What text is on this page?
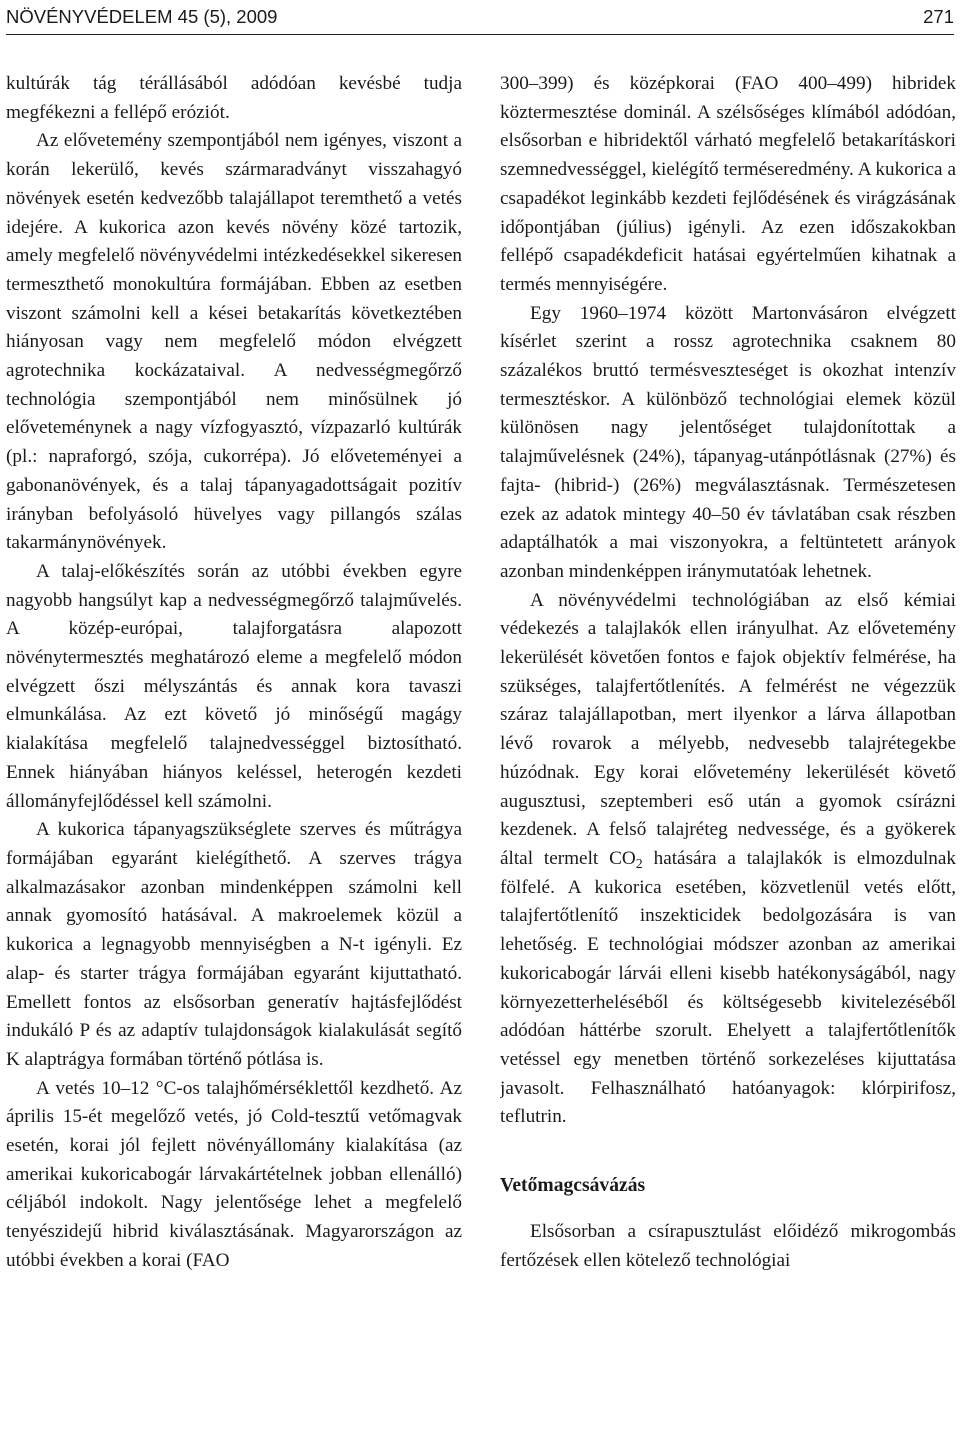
NÖVÉNYVÉDELEM 45 (5), 2009	271

kultúrák tág térállásából adódóan kevésbé tudja megfékezni a fellépő eróziót.

Az elővetemény szempontjából nem igényes, viszont a korán lekerülő, kevés szármaradványt visszahagyó növények esetén kedvezőbb talajállapot teremthető a vetés idejére. A kukorica azon kevés növény közé tartozik, amely megfelelő növényvédelmi intézkedésekkel sikeresen termeszthető monokultúra formájában. Ebben az esetben viszont számolni kell a kései betakarítás következtében hiányosan vagy nem megfelelő módon elvégzett agrotechnika kockázataival. A nedvességmegőrző technológia szempontjából nem minősülnek jó előveteménynek a nagy vízfogyasztó, vízpazarló kultúrák (pl.: napraforgó, szója, cukorrépa). Jó előveteményei a gabonanövények, és a talaj tápanyagadottságait pozitív irányban befolyásoló hüvelyes vagy pillangós szálas takarmánynövények.

A talaj-előkészítés során az utóbbi években egyre nagyobb hangsúlyt kap a nedvességmegőrző talajművelés. A közép-európai, talajforgatásra alapozott növénytermesztés meghatározó eleme a megfelelő módon elvégzett őszi mélyszántás és annak kora tavaszi elmunkálása. Az ezt követő jó minőségű magágy kialakítása megfelelő talajnedvességgel biztosítható. Ennek hiányában hiányos keléssel, heterogén kezdeti állományfejlődéssel kell számolni.

A kukorica tápanyagszükséglete szerves és műtrágya formájában egyaránt kielégíthető. A szerves trágya alkalmazásakor azonban mindenképpen számolni kell annak gyomosító hatásával. A makroelemek közül a kukorica a legnagyobb mennyiségben a N-t igényli. Ez alap- és starter trágya formájában egyaránt kijuttatható. Emellett fontos az elsősorban generatív hajtásfejlődést indukáló P és az adaptív tulajdonságok kialakulását segítő K alaptrágya formában történő pótlása is.

A vetés 10–12 °C-os talajhőmérséklettől kezdhető. Az április 15-ét megelőző vetés, jó Cold-tesztű vetőmagvak esetén, korai jól fejlett növényállomány kialakítása (az amerikai kukoricabogár lárvakártételnek jobban ellenálló) céljából indokolt. Nagy jelentősége lehet a megfelelő tenyészidejű hibrid kiválasztásának. Magyarországon az utóbbi években a korai (FAO

300–399) és középkorai (FAO 400–499) hibridek köztermesztése dominál. A szélsőséges klímából adódóan, elsősorban e hibridektől várható megfelelő betakarításkori szemnedvességgel, kielégítő terméseredmény. A kukorica a csapadékot leginkább kezdeti fejlődésének és virágzásának időpontjában (július) igényli. Az ezen időszakokban fellépő csapadékdeficit hatásai egyértelműen kihatnak a termés mennyiségére.

Egy 1960–1974 között Martonvásáron elvégzett kísérlet szerint a rossz agrotechnika csaknem 80 százalékos bruttó termésveszteséget is okozhat intenzív termesztéskor. A különböző technológiai elemek közül különösen nagy jelentőséget tulajdonítottak a talajművelésnek (24%), tápanyag-utánpótlásnak (27%) és fajta- (hibrid-) (26%) megválasztásnak. Természetesen ezek az adatok mintegy 40–50 év távlatában csak részben adaptálhatók a mai viszonyokra, a feltüntetett arányok azonban mindenképpen iránymutatóak lehetnek.

A növényvédelmi technológiában az első kémiai védekezés a talajlakók ellen irányulhat. Az elővetemény lekerülését követően fontos e fajok objektív felmérése, ha szükséges, talajfertőtlenítés. A felmérést ne végezzük száraz talajállapotban, mert ilyenkor a lárva állapotban lévő rovarok a mélyebb, nedvesebb talajrétegekbe húzódnak. Egy korai elővetemény lekerülését követő augusztusi, szeptemberi eső után a gyomok csírázni kezdenek. A felső talajréteg nedvessége, és a gyökerek által termelt $CO_2$ hatására a talajlakók is elmozdulnak fölfelé. A kukorica esetében, közvetlenül vetés előtt, talajfertőtlenítő inszekticidek bedolgozására is van lehetőség. E technológiai módszer azonban az amerikai kukoricabogár lárvái elleni kisebb hatékonyságából, nagy környezetterheléséből és költségesebb kivitelezéséből adódóan háttérbe szorult. Ehelyett a talajfertőtlenítők vetéssel egy menetben történő sorkezeléses kijuttatása javasolt. Felhasználható hatóanyagok: klórpirifosz, teflutrin.

Vetőmagcsávázás

Elsősorban a csírapusztulást előidéző mikrogombás fertőzések ellen kötelező technológiai
